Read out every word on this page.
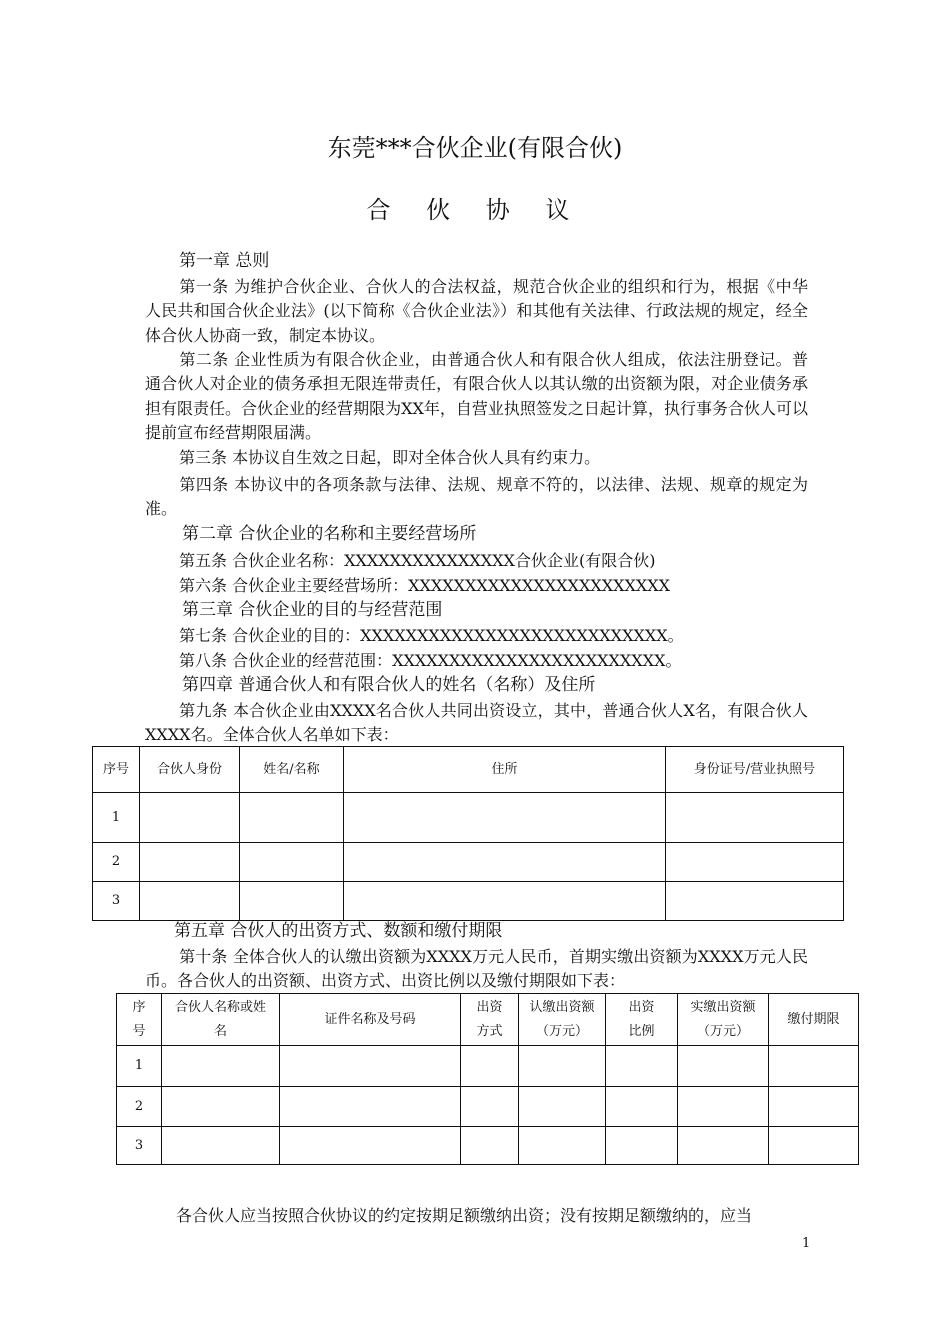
东莞***合伙企业(有限合伙)
合 伙 协 议
第一章 总则
第一条 为维护合伙企业、合伙人的合法权益，规范合伙企业的组织和行为，根据《中华人民共和国合伙企业法》(以下简称《合伙企业法》）和其他有关法律、行政法规的规定，经全体合伙人协商一致，制定本协议。
第二条 企业性质为有限合伙企业，由普通合伙人和有限合伙人组成，依法注册登记。普通合伙人对企业的债务承担无限连带责任，有限合伙人以其认缴的出资额为限，对企业债务承担有限责任。合伙企业的经营期限为XX年，自营业执照签发之日起计算，执行事务合伙人可以提前宣布经营期限届满。
第三条 本协议自生效之日起，即对全体合伙人具有约束力。
第四条 本协议中的各项条款与法律、法规、规章不符的，以法律、法规、规章的规定为准。
第二章 合伙企业的名称和主要经营场所
第五条 合伙企业名称：XXXXXXXXXXXXXXX合伙企业(有限合伙)
第六条 合伙企业主要经营场所：XXXXXXXXXXXXXXXXXXXXXXX
第三章 合伙企业的目的与经营范围
第七条 合伙企业的目的：XXXXXXXXXXXXXXXXXXXXXXXXXXX。
第八条 合伙企业的经营范围：XXXXXXXXXXXXXXXXXXXXXXXX。
第四章 普通合伙人和有限合伙人的姓名（名称）及住所
第九条 本合伙企业由XXXX名合伙人共同出资设立，其中，普通合伙人X名，有限合伙人XXXX名。全体合伙人名单如下表：
序号	合伙人身份	姓名/名称	住所	身份证号/营业执照号
1				
2				
3				
第五章 合伙人的出资方式、数额和缴付期限
第十条 全体合伙人的认缴出资额为XXXX万元人民币，首期实缴出资额为XXXX万元人民币。各合伙人的出资额、出资方式、出资比例以及缴付期限如下表：
序号	合伙人名称或姓名	证件名称及号码	出资方式	认缴出资额（万元）	出资比例	实缴出资额（万元）	缴付期限
1							
2							
3							
各合伙人应当按照合伙协议的约定按期足额缴纳出资；没有按期足额缴纳的，应当
1
